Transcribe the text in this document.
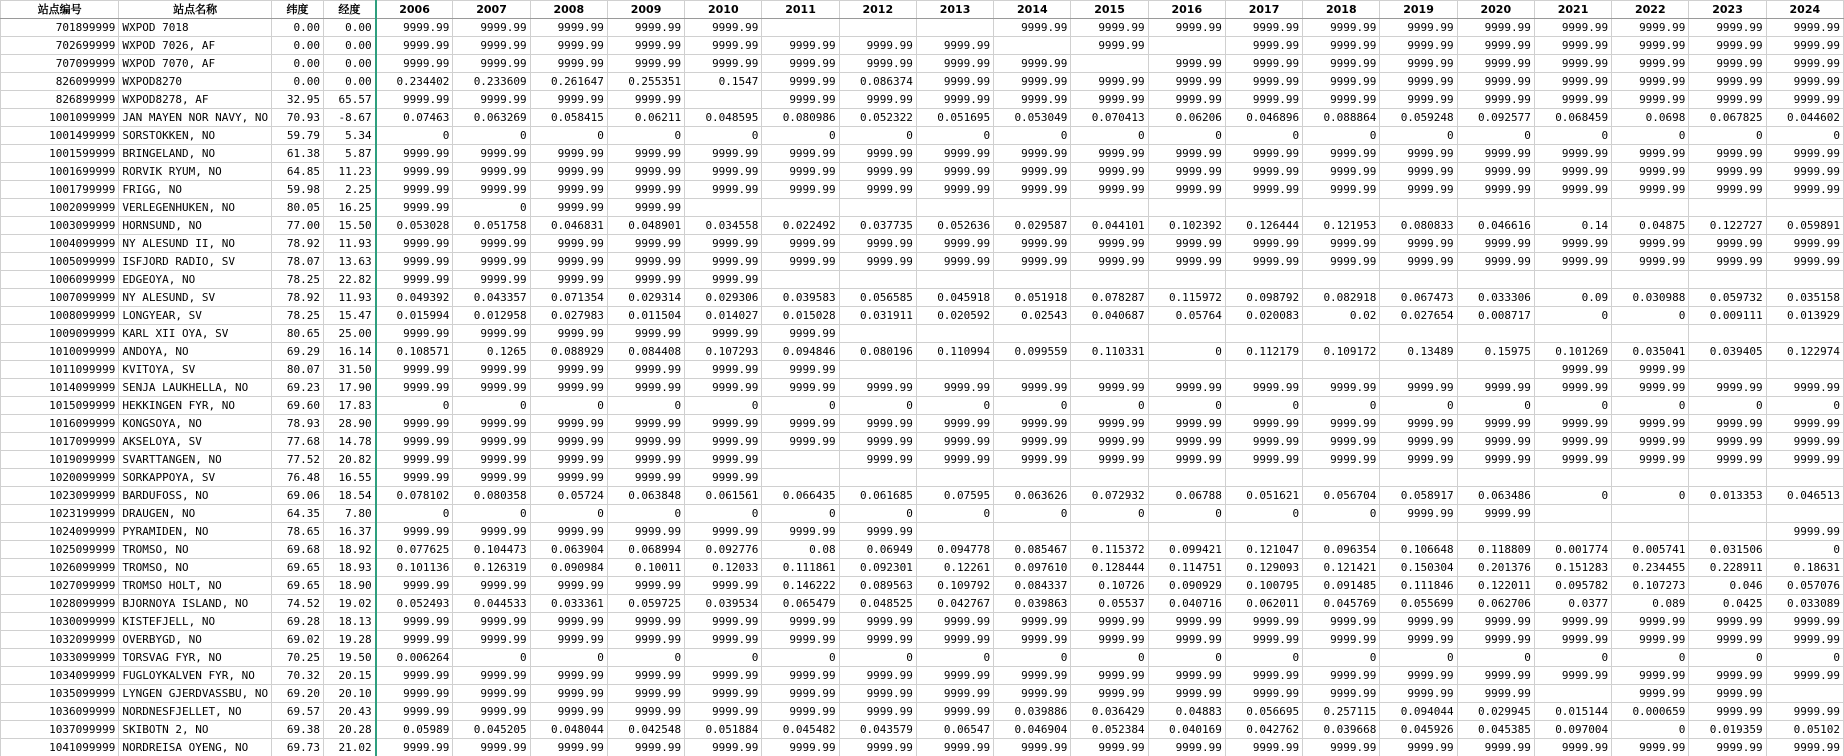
站点编号	站点名称	纬度	经度	2006	2007	2008	2009	2010	2011	2012	2013	2014	2015	2016	2017	2018	2019	2020	2021	2022	2023	2024
701899999	WXPOD 7018	0.00	0.00	9999.99	9999.99	9999.99	9999.99	9999.99				9999.99	9999.99	9999.99	9999.99	9999.99	9999.99	9999.99	9999.99	9999.99	9999.99	9999.99
702699999	WXPOD 7026, AF	0.00	0.00	9999.99	9999.99	9999.99	9999.99	9999.99	9999.99	9999.99	9999.99		9999.99		9999.99	9999.99	9999.99	9999.99	9999.99	9999.99	9999.99	9999.99
707099999	WXPOD 7070, AF	0.00	0.00	9999.99	9999.99	9999.99	9999.99	9999.99	9999.99	9999.99	9999.99	9999.99		9999.99	9999.99	9999.99	9999.99	9999.99	9999.99	9999.99	9999.99	9999.99
826099999	WXPOD8270	0.00	0.00	0.234402	0.233609	0.261647	0.255351	0.1547	9999.99	0.086374	9999.99	9999.99	9999.99	9999.99	9999.99	9999.99	9999.99	9999.99	9999.99	9999.99	9999.99	9999.99
826899999	WXPOD8278, AF	32.95	65.57	9999.99	9999.99	9999.99	9999.99		9999.99	9999.99	9999.99	9999.99	9999.99	9999.99	9999.99	9999.99	9999.99	9999.99	9999.99	9999.99	9999.99	9999.99
1001099999	JAN MAYEN NOR NAVY, NO	70.93	-8.67	0.07463	0.063269	0.058415	0.06211	0.048595	0.080986	0.052322	0.051695	0.053049	0.070413	0.06206	0.046896	0.088864	0.059248	0.092577	0.068459	0.0698	0.067825	0.044602
1001499999	SORSTOKKEN, NO	59.79	5.34	0	0	0	0	0	0	0	0	0	0	0	0	0	0	0	0	0	0	0
1001599999	BRINGELAND, NO	61.38	5.87	9999.99	9999.99	9999.99	9999.99	9999.99	9999.99	9999.99	9999.99	9999.99	9999.99	9999.99	9999.99	9999.99	9999.99	9999.99	9999.99	9999.99	9999.99	9999.99
1001699999	RORVIK RYUM, NO	64.85	11.23	9999.99	9999.99	9999.99	9999.99	9999.99	9999.99	9999.99	9999.99	9999.99	9999.99	9999.99	9999.99	9999.99	9999.99	9999.99	9999.99	9999.99	9999.99	9999.99
1001799999	FRIGG, NO	59.98	2.25	9999.99	9999.99	9999.99	9999.99	9999.99	9999.99	9999.99	9999.99	9999.99	9999.99	9999.99	9999.99	9999.99	9999.99	9999.99	9999.99	9999.99	9999.99	9999.99
1002099999	VERLEGENHUKEN, NO	80.05	16.25	9999.99	0	9999.99	9999.99															
1003099999	HORNSUND, NO	77.00	15.50	0.053028	0.051758	0.046831	0.048901	0.034558	0.022492	0.037735	0.052636	0.029587	0.044101	0.102392	0.126444	0.121953	0.080833	0.046616	0.14	0.04875	0.122727	0.059891
1004099999	NY ALESUND II, NO	78.92	11.93	9999.99	9999.99	9999.99	9999.99	9999.99	9999.99	9999.99	9999.99	9999.99	9999.99	9999.99	9999.99	9999.99	9999.99	9999.99	9999.99	9999.99	9999.99	9999.99
1005099999	ISFJORD RADIO, SV	78.07	13.63	9999.99	9999.99	9999.99	9999.99	9999.99	9999.99	9999.99	9999.99	9999.99	9999.99	9999.99	9999.99	9999.99	9999.99	9999.99	9999.99	9999.99	9999.99	9999.99
1006099999	EDGEOYA, NO	78.25	22.82	9999.99	9999.99	9999.99	9999.99	9999.99														
1007099999	NY ALESUND, SV	78.92	11.93	0.049392	0.043357	0.071354	0.029314	0.029306	0.039583	0.056585	0.045918	0.051918	0.078287	0.115972	0.098792	0.082918	0.067473	0.033306	0.09	0.030988	0.059732	0.035158
1008099999	LONGYEAR, SV	78.25	15.47	0.015994	0.012958	0.027983	0.011504	0.014027	0.015028	0.031911	0.020592	0.02543	0.040687	0.05764	0.020083	0.02	0.027654	0.008717	0	0	0.009111	0.013929
1009099999	KARL XII OYA, SV	80.65	25.00	9999.99	9999.99	9999.99	9999.99	9999.99	9999.99													
1010099999	ANDOYA, NO	69.29	16.14	0.108571	0.1265	0.088929	0.084408	0.107293	0.094846	0.080196	0.110994	0.099559	0.110331	0	0.112179	0.109172	0.13489	0.15975	0.101269	0.035041	0.039405	0.122974
1011099999	KVITOYA, SV	80.07	31.50	9999.99	9999.99	9999.99	9999.99	9999.99	9999.99										9999.99	9999.99		
1014099999	SENJA LAUKHELLA, NO	69.23	17.90	9999.99	9999.99	9999.99	9999.99	9999.99	9999.99	9999.99	9999.99	9999.99	9999.99	9999.99	9999.99	9999.99	9999.99	9999.99	9999.99	9999.99	9999.99	9999.99
1015099999	HEKKINGEN FYR, NO	69.60	17.83	0	0	0	0	0	0	0	0	0	0	0	0	0	0	0	0	0	0	0
1016099999	KONGSOYA, NO	78.93	28.90	9999.99	9999.99	9999.99	9999.99	9999.99	9999.99	9999.99	9999.99	9999.99	9999.99	9999.99	9999.99	9999.99	9999.99	9999.99	9999.99	9999.99	9999.99	9999.99
1017099999	AKSELOYA, SV	77.68	14.78	9999.99	9999.99	9999.99	9999.99	9999.99	9999.99	9999.99	9999.99	9999.99	9999.99	9999.99	9999.99	9999.99	9999.99	9999.99	9999.99	9999.99	9999.99	9999.99
1019099999	SVARTTANGEN, NO	77.52	20.82	9999.99	9999.99	9999.99	9999.99	9999.99		9999.99	9999.99	9999.99	9999.99	9999.99	9999.99	9999.99	9999.99	9999.99	9999.99	9999.99	9999.99	9999.99
1020099999	SORKAPPOYA, SV	76.48	16.55	9999.99	9999.99	9999.99	9999.99	9999.99														
1023099999	BARDUFOSS, NO	69.06	18.54	0.078102	0.080358	0.05724	0.063848	0.061561	0.066435	0.061685	0.07595	0.063626	0.072932	0.06788	0.051621	0.056704	0.058917	0.063486	0	0	0.013353	0.046513
1023199999	DRAUGEN, NO	64.35	7.80	0	0	0	0	0	0	0	0	0	0	0	0	0	9999.99	9999.99				
1024099999	PYRAMIDEN, NO	78.65	16.37	9999.99	9999.99	9999.99	9999.99	9999.99	9999.99	9999.99												9999.99
1025099999	TROMSO, NO	69.68	18.92	0.077625	0.104473	0.063904	0.068994	0.092776	0.08	0.06949	0.094778	0.085467	0.115372	0.099421	0.121047	0.096354	0.106648	0.118809	0.001774	0.005741	0.031506	0
1026099999	TROMSO, NO	69.65	18.93	0.101136	0.126319	0.090984	0.10011	0.12033	0.111861	0.092301	0.12261	0.097610	0.128444	0.114751	0.129093	0.121421	0.150304	0.201376	0.151283	0.234455	0.228911	0.18631
1027099999	TROMSO HOLT, NO	69.65	18.90	9999.99	9999.99	9999.99	9999.99	9999.99	0.146222	0.089563	0.109792	0.084337	0.10726	0.090929	0.100795	0.091485	0.111846	0.122011	0.095782	0.107273	0.046	0.057076
1028099999	BJORNOYA ISLAND, NO	74.52	19.02	0.052493	0.044533	0.033361	0.059725	0.039534	0.065479	0.048525	0.042767	0.039863	0.05537	0.040716	0.062011	0.045769	0.055699	0.062706	0.0377	0.089	0.0425	0.033089
1030099999	KISTEFJELL, NO	69.28	18.13	9999.99	9999.99	9999.99	9999.99	9999.99	9999.99	9999.99	9999.99	9999.99	9999.99	9999.99	9999.99	9999.99	9999.99	9999.99	9999.99	9999.99	9999.99	9999.99
1032099999	OVERBYGD, NO	69.02	19.28	9999.99	9999.99	9999.99	9999.99	9999.99	9999.99	9999.99	9999.99	9999.99	9999.99	9999.99	9999.99	9999.99	9999.99	9999.99	9999.99	9999.99	9999.99	9999.99
1033099999	TORSVAG FYR, NO	70.25	19.50	0.006264	0	0	0	0	0	0	0	0	0	0	0	0	0	0	0	0	0	0
1034099999	FUGLOYKALVEN FYR, NO	70.32	20.15	9999.99	9999.99	9999.99	9999.99	9999.99	9999.99	9999.99	9999.99	9999.99	9999.99	9999.99	9999.99	9999.99	9999.99	9999.99	9999.99	9999.99	9999.99	9999.99
1035099999	LYNGEN GJERDVASSBU, NO	69.20	20.10	9999.99	9999.99	9999.99	9999.99	9999.99	9999.99	9999.99	9999.99	9999.99	9999.99	9999.99	9999.99	9999.99	9999.99	9999.99		9999.99	9999.99	
1036099999	NORDNESFJELLET, NO	69.57	20.43	9999.99	9999.99	9999.99	9999.99	9999.99	9999.99	9999.99	9999.99	0.039886	0.036429	0.04883	0.056695	0.257115	0.094044	0.029945	0.015144	0.000659	9999.99	9999.99
1037099999	SKIBOTN 2, NO	69.38	20.28	0.05989	0.045205	0.048044	0.042548	0.051884	0.045482	0.043579	0.06547	0.046904	0.052384	0.040169	0.042762	0.039668	0.045926	0.045385	0.097004	0	0.019359	0.05102
1041099999	NORDREISA OYENG, NO	69.73	21.02	9999.99	9999.99	9999.99	9999.99	9999.99	9999.99	9999.99	9999.99	9999.99	9999.99	9999.99	9999.99	9999.99	9999.99	9999.99	9999.99	9999.99	9999.99	9999.99
